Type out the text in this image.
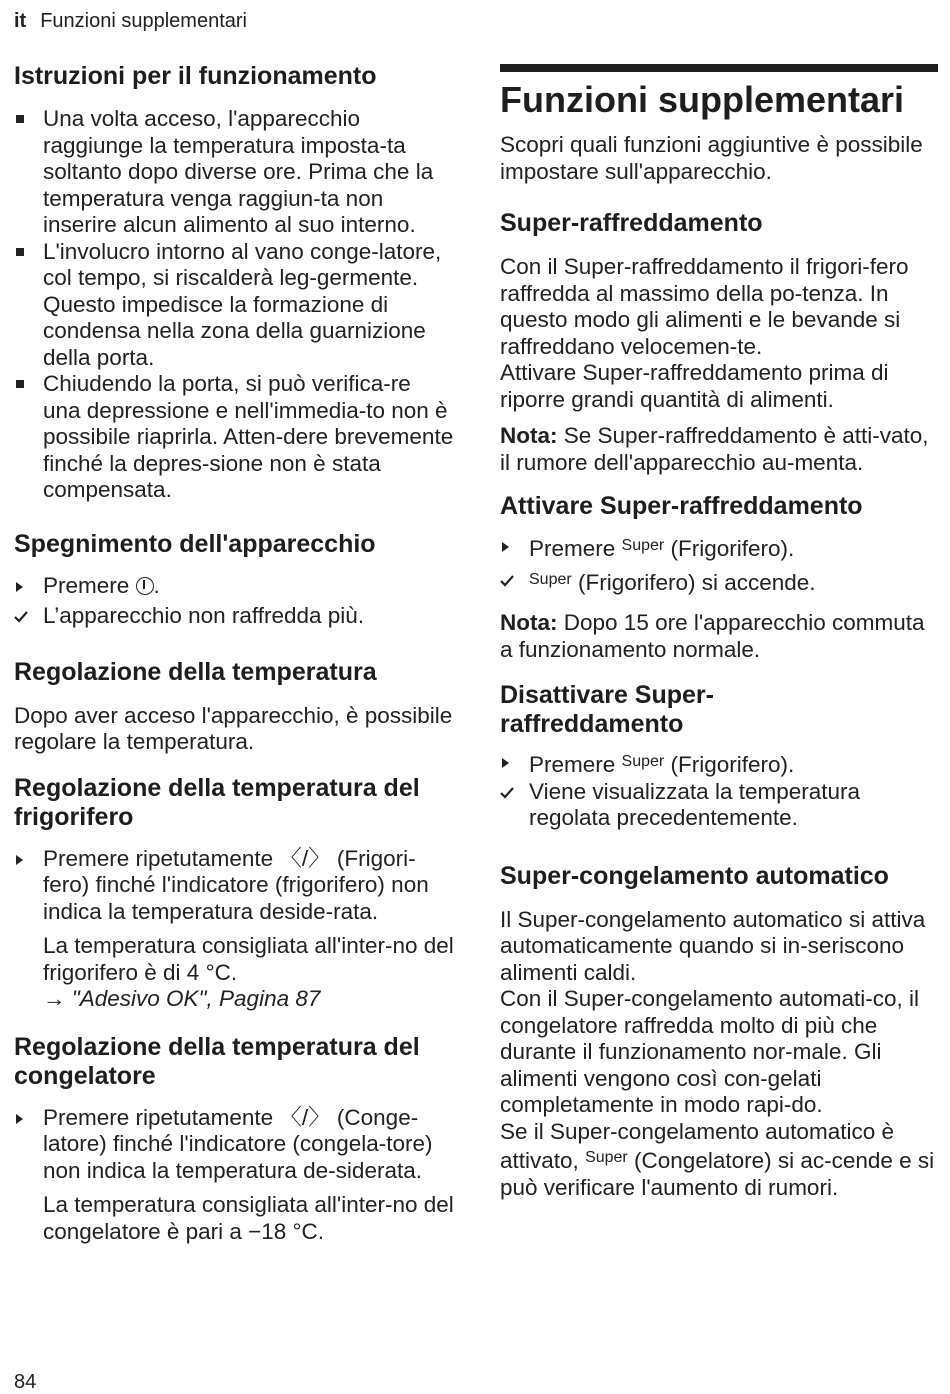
it Funzioni supplementari
Istruzioni per il funzionamento
Una volta acceso, l'apparecchio raggiunge la temperatura imposta-ta soltanto dopo diverse ore. Prima che la temperatura venga raggiun-ta non inserire alcun alimento al suo interno.
L'involucro intorno al vano conge-latore, col tempo, si riscalderà leg-germente. Questo impedisce la formazione di condensa nella zona della guarnizione della porta.
Chiudendo la porta, si può verifica-re una depressione e nell'immedia-to non è possibile riaprirla. Atten-dere brevemente finché la depres-sione non è stata compensata.
Spegnimento dell'apparecchio
Premere .
L’apparecchio non raffredda più.
Regolazione della temperatura

Dopo aver acceso l'apparecchio, è possibile regolare la temperatura.

Regolazione della temperatura del frigorifero
Premere ripetutamente 〈/〉 (Frigori-fero) finché l'indicatore (frigorifero) non indica la temperatura deside-rata.

La temperatura consigliata all'inter-no del frigorifero è di 4 °C.

→ "Adesivo OK", Pagina 87

Regolazione della temperatura del congelatore
Premere ripetutamente 〈/〉 (Conge-latore) finché l'indicatore (congela-tore) non indica la temperatura de-siderata.

La temperatura consigliata all'inter-no del congelatore è pari a −18 °C.

Funzioni supplementari

Scopri quali funzioni aggiuntive è possibile impostare sull'apparecchio.

Super-raffreddamento

Con il Super-raffreddamento il frigori-fero raffredda al massimo della po-tenza. In questo modo gli alimenti e le bevande si raffreddano velocemen-te.

Attivare Super-raffreddamento prima di riporre grandi quantità di alimenti.

Nota: Se Super-raffreddamento è atti-vato, il rumore dell'apparecchio au-menta.

Attivare Super-raffreddamento
Premere $^{Super}$ (Frigorifero).
$^{Super}$ (Frigorifero) si accende.

Nota: Dopo 15 ore l'apparecchio commuta a funzionamento normale.

Disattivare Super-raffreddamento
Premere $^{Super}$ (Frigorifero).
Viene visualizzata la temperatura regolata precedentemente.
Super-congelamento automatico

Il Super-congelamento automatico si attiva automaticamente quando si in-seriscono alimenti caldi.

Con il Super-congelamento automati-co, il congelatore raffredda molto di più che durante il funzionamento nor-male. Gli alimenti vengono così con-gelati completamente in modo rapi-do.

Se il Super-congelamento automatico è attivato, $^{Super}$ (Congelatore) si ac-cende e si può verificare l'aumento di rumori.

84
